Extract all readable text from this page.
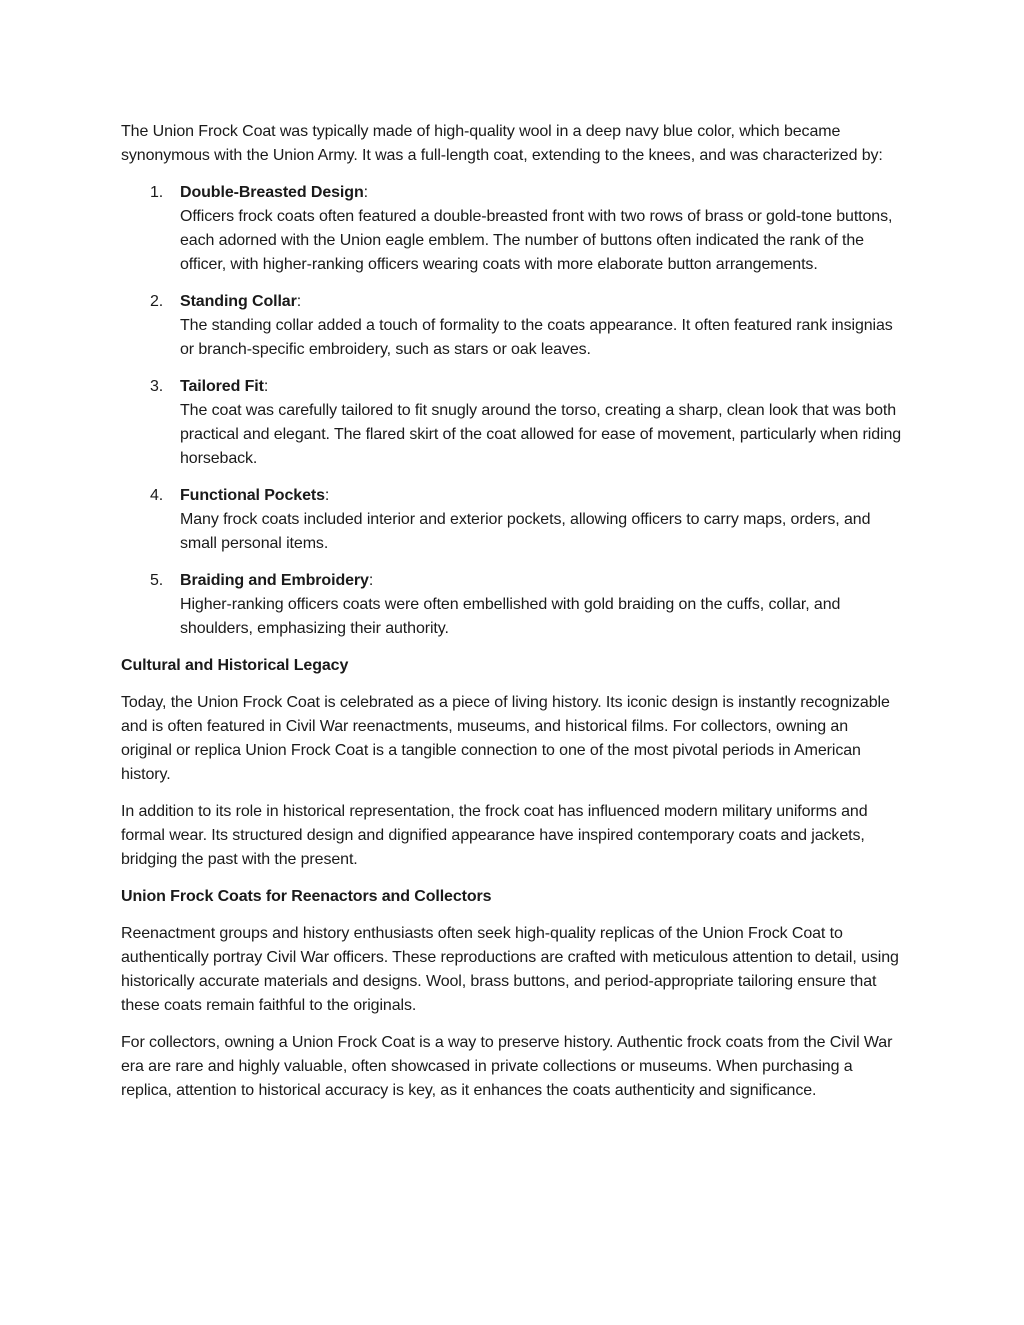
The Union Frock Coat was typically made of high-quality wool in a deep navy blue color, which became synonymous with the Union Army. It was a full-length coat, extending to the knees, and was characterized by:

1. Double-Breasted Design:
Officers frock coats often featured a double-breasted front with two rows of brass or gold-tone buttons, each adorned with the Union eagle emblem. The number of buttons often indicated the rank of the officer, with higher-ranking officers wearing coats with more elaborate button arrangements.
2. Standing Collar:
The standing collar added a touch of formality to the coats appearance. It often featured rank insignias or branch-specific embroidery, such as stars or oak leaves.
3. Tailored Fit:
The coat was carefully tailored to fit snugly around the torso, creating a sharp, clean look that was both practical and elegant. The flared skirt of the coat allowed for ease of movement, particularly when riding horseback.
4. Functional Pockets:
Many frock coats included interior and exterior pockets, allowing officers to carry maps, orders, and small personal items.
5. Braiding and Embroidery:
Higher-ranking officers coats were often embellished with gold braiding on the cuffs, collar, and shoulders, emphasizing their authority.

Cultural and Historical Legacy

Today, the Union Frock Coat is celebrated as a piece of living history. Its iconic design is instantly recognizable and is often featured in Civil War reenactments, museums, and historical films. For collectors, owning an original or replica Union Frock Coat is a tangible connection to one of the most pivotal periods in American history.

In addition to its role in historical representation, the frock coat has influenced modern military uniforms and formal wear. Its structured design and dignified appearance have inspired contemporary coats and jackets, bridging the past with the present.

Union Frock Coats for Reenactors and Collectors

Reenactment groups and history enthusiasts often seek high-quality replicas of the Union Frock Coat to authentically portray Civil War officers. These reproductions are crafted with meticulous attention to detail, using historically accurate materials and designs. Wool, brass buttons, and period-appropriate tailoring ensure that these coats remain faithful to the originals.

For collectors, owning a Union Frock Coat is a way to preserve history. Authentic frock coats from the Civil War era are rare and highly valuable, often showcased in private collections or museums. When purchasing a replica, attention to historical accuracy is key, as it enhances the coats authenticity and significance.
